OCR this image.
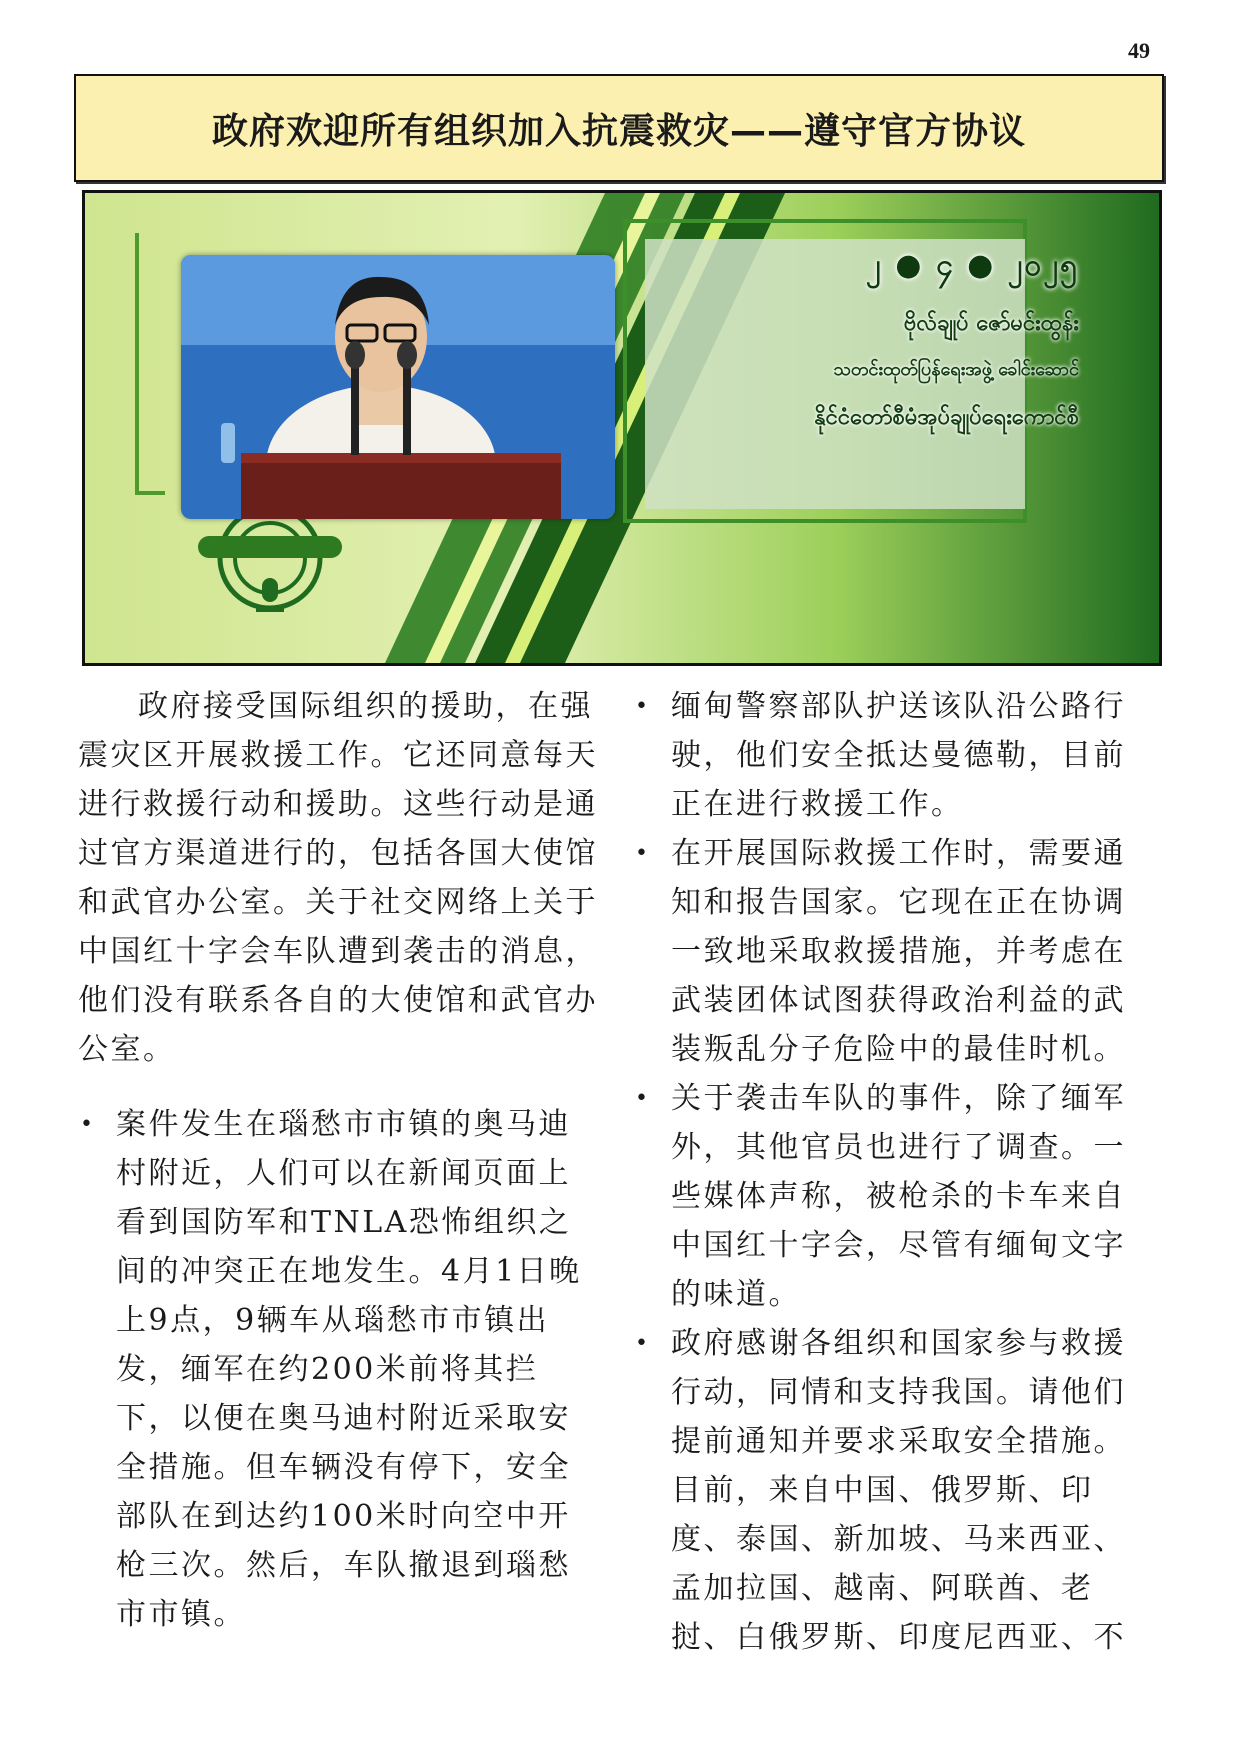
49
政府欢迎所有组织加入抗震救灾——遵守官方协议
၂ ● ၄ ● ၂၀၂၅
ဗိုလ်ချုပ် ဇော်မင်းထွန်း
သတင်းထုတ်ပြန်ရေးအဖွဲ့ ခေါင်းဆောင်
နိုင်ငံတော်စီမံအုပ်ချုပ်ရေးကောင်စီ

政府接受国际组织的援助，在强震灾区开展救援工作。它还同意每天进行救援行动和援助。这些行动是通过官方渠道进行的，包括各国大使馆和武官办公室。关于社交网络上关于中国红十字会车队遭到袭击的消息，他们没有联系各自的大使馆和武官办公室。

• 案件发生在瑙愁市市镇的奥马迪村附近，人们可以在新闻页面上看到国防军和TNLA恐怖组织之间的冲突正在地发生。4月1日晚上9点，9辆车从瑙愁市市镇出发，缅军在约200米前将其拦下，以便在奥马迪村附近采取安全措施。但车辆没有停下，安全部队在到达约100米时向空中开枪三次。然后，车队撤退到瑙愁市市镇。
• 缅甸警察部队护送该队沿公路行驶，他们安全抵达曼德勒，目前正在进行救援工作。
• 在开展国际救援工作时，需要通知和报告国家。它现在正在协调一致地采取救援措施，并考虑在武装团体试图获得政治利益的武装叛乱分子危险中的最佳时机。
• 关于袭击车队的事件，除了缅军外，其他官员也进行了调查。一些媒体声称，被枪杀的卡车来自中国红十字会，尽管有缅甸文字的味道。
• 政府感谢各组织和国家参与救援行动，同情和支持我国。请他们提前通知并要求采取安全措施。目前，来自中国、俄罗斯、印度、泰国、新加坡、马来西亚、孟加拉国、越南、阿联酋、老挝、白俄罗斯、印度尼西亚、不
